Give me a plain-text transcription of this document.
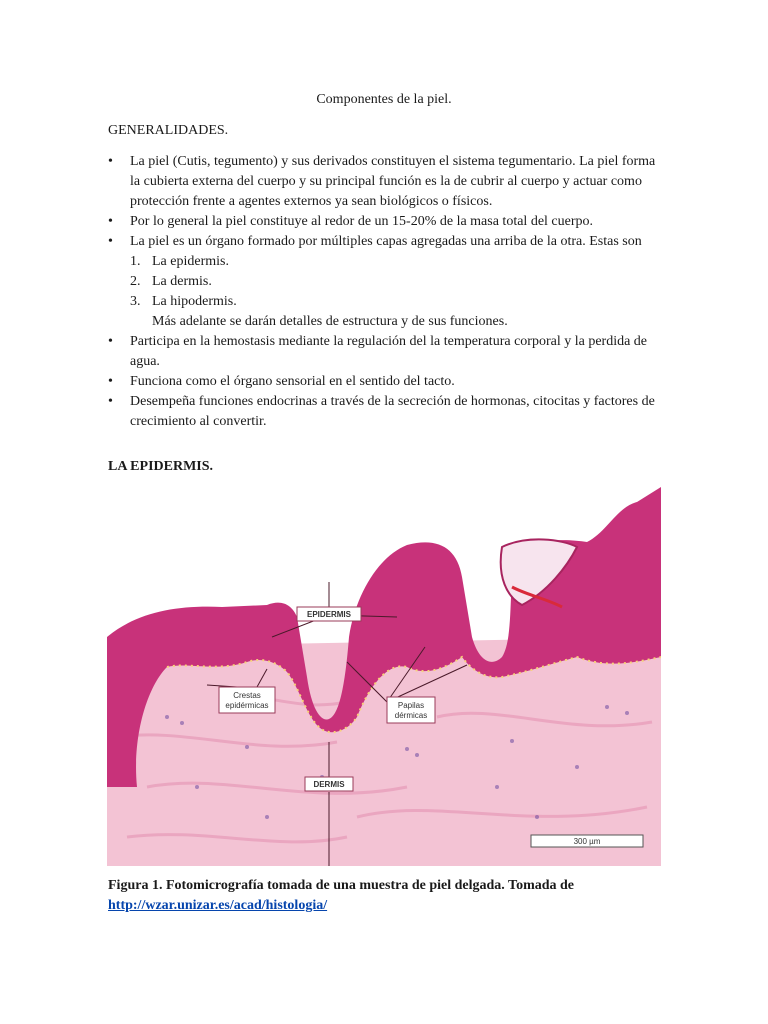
Componentes de la piel.
GENERALIDADES.
• La piel (Cutis, tegumento) y sus derivados constituyen el sistema tegumentario. La piel forma la cubierta externa del cuerpo y su principal función es la de cubrir al cuerpo y actuar como protección frente a agentes externos ya sean biológicos o físicos.
• Por lo general la piel constituye al redor de un 15-20% de la masa total del cuerpo.
• La piel es un órgano formado por múltiples capas agregadas una arriba de la otra. Estas son
1. La epidermis.
2. La dermis.
3. La hipodermis.
Más adelante se darán detalles de estructura y de sus funciones.
• Participa en la hemostasis mediante la regulación del la temperatura corporal y la perdida de agua.
• Funciona como el órgano sensorial en el sentido del tacto.
• Desempeña funciones endocrinas a través de la secreción de hormonas, citocitas y factores de crecimiento al convertir.
LA EPIDERMIS.
EPIDERMIS
Crestas
epidérmicas	Papilas
dérmicas
DERMIS
300 µm
Figura 1. Fotomicrografía tomada de una muestra de piel delgada. Tomada de
http://wzar.unizar.es/acad/histologia/
